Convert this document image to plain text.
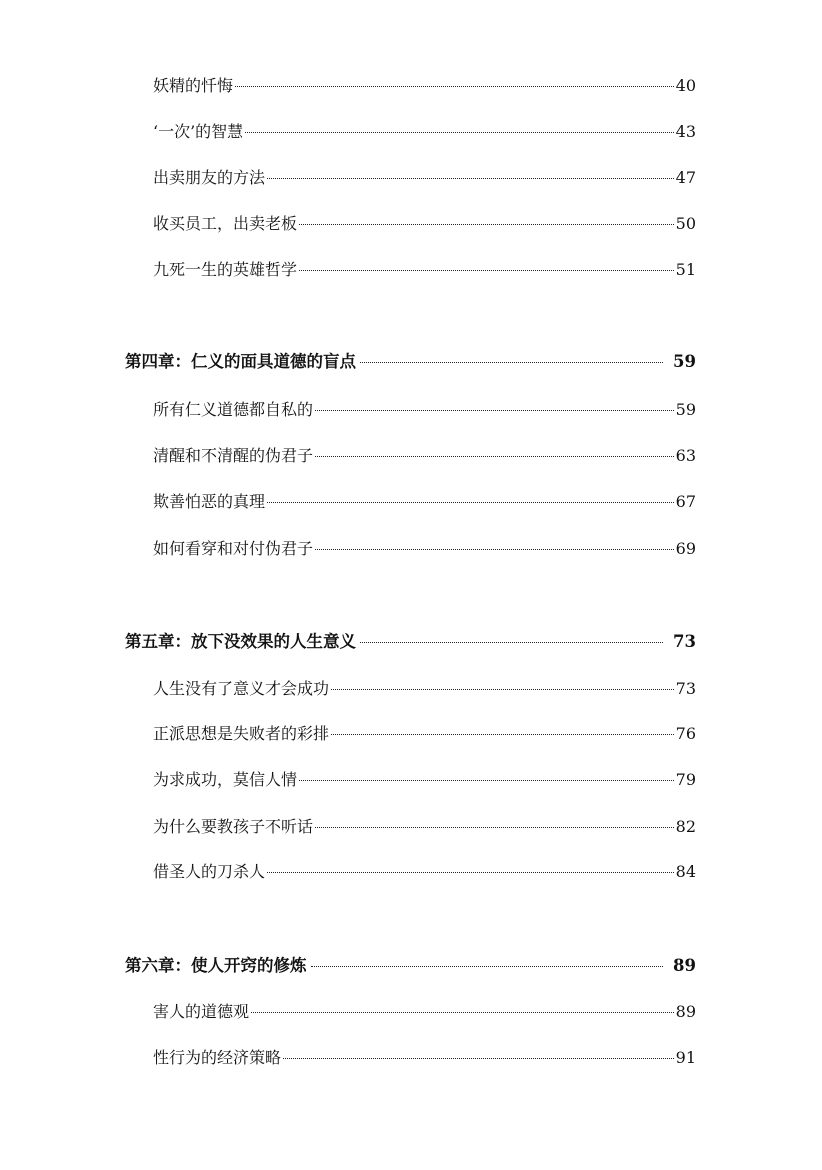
妖精的忏悔	40
‘一次’的智慧	43
出卖朋友的方法	47
收买员工，出卖老板	50
九死一生的英雄哲学	51
第四章：仁义的面具道德的盲点	59
所有仁义道德都自私的	59
清醒和不清醒的伪君子	63
欺善怕恶的真理	67
如何看穿和对付伪君子	69
第五章：放下没效果的人生意义	73
人生没有了意义才会成功	73
正派思想是失败者的彩排	76
为求成功，莫信人情	79
为什么要教孩子不听话	82
借圣人的刀杀人	84
第六章：使人开窍的修炼	89
害人的道德观	89
性行为的经济策略	91
